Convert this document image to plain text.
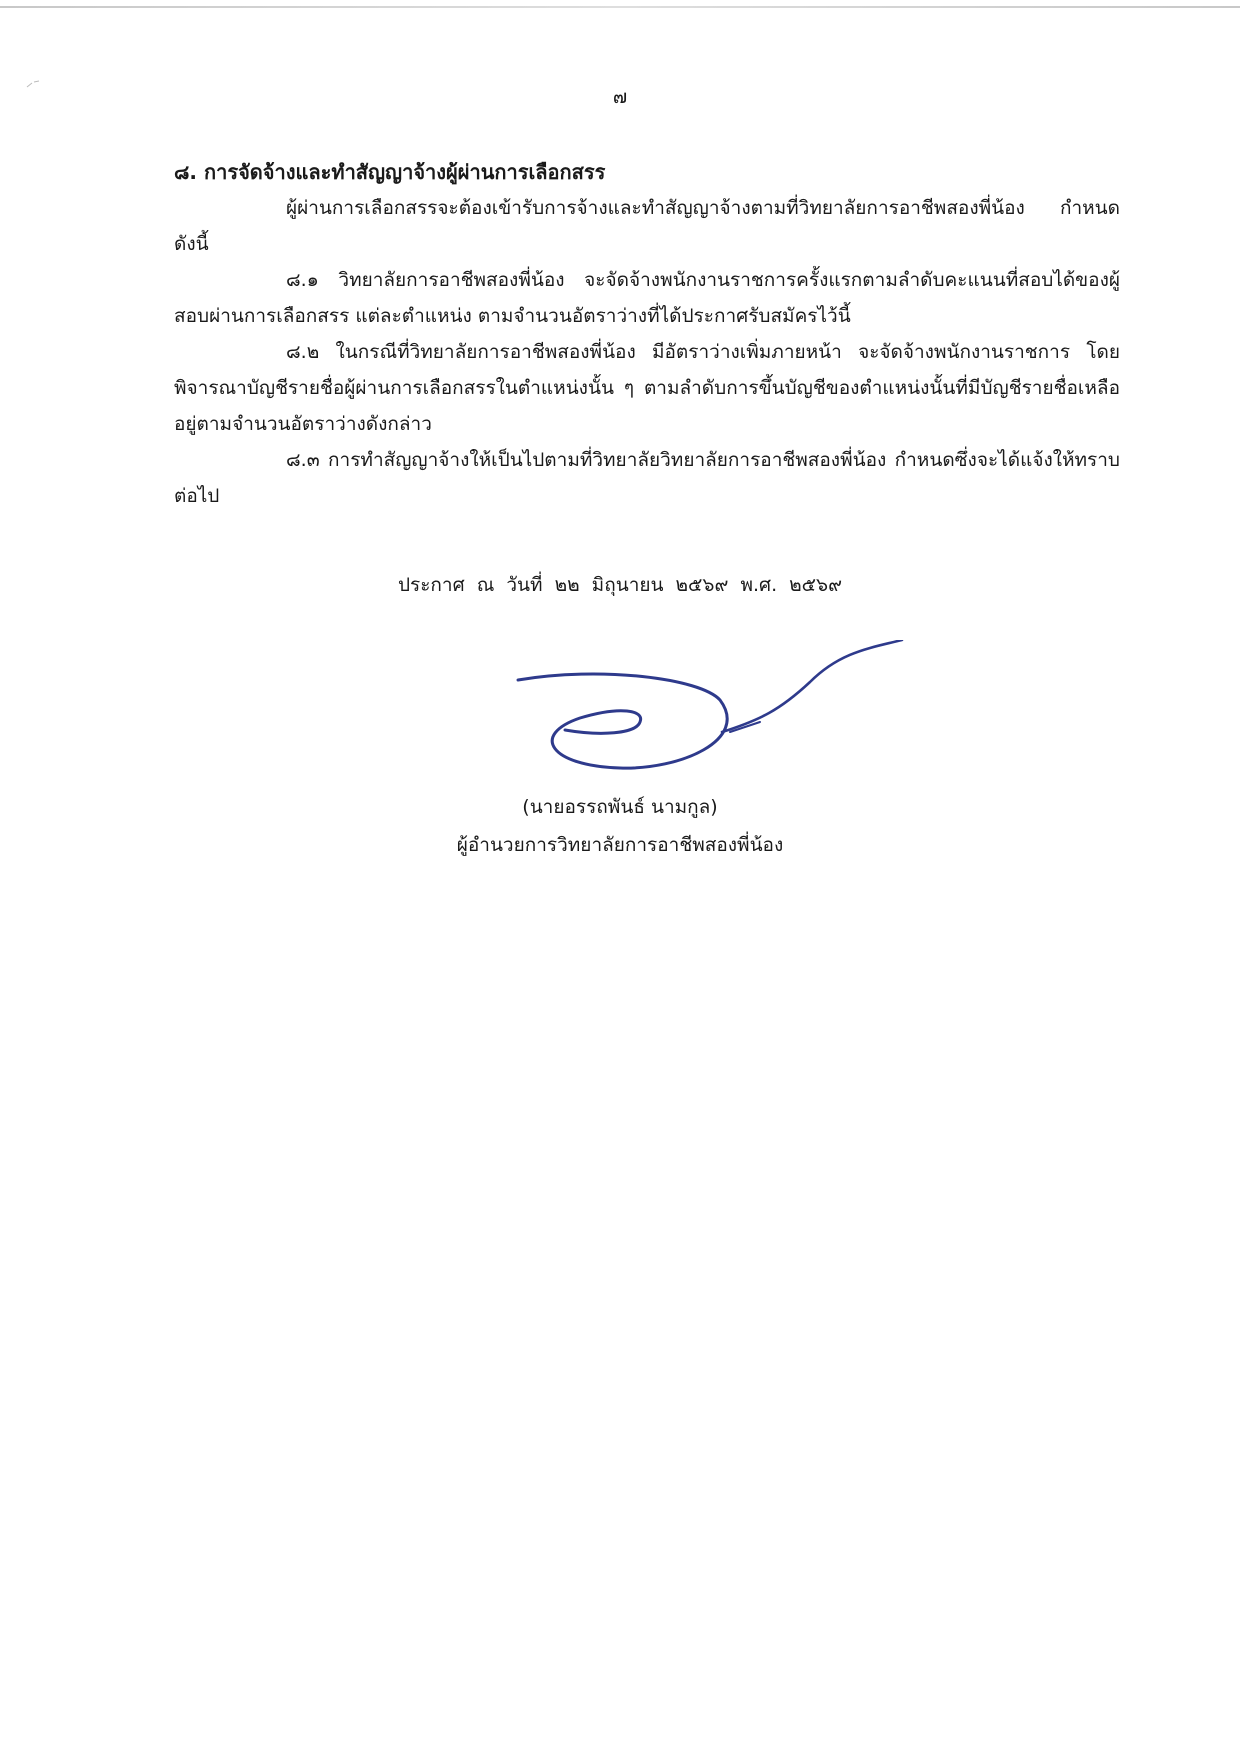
๗

๘. การจัดจ้างและทำสัญญาจ้างผู้ผ่านการเลือกสรร

ผู้ผ่านการเลือกสรรจะต้องเข้ารับการจ้างและทำสัญญาจ้างตามที่วิทยาลัยการอาชีพสองพี่น้อง กำหนด ดังนี้

๘.๑ วิทยาลัยการอาชีพสองพี่น้อง จะจัดจ้างพนักงานราชการครั้งแรกตามลำดับคะแนนที่สอบได้ของผู้สอบผ่านการเลือกสรร แต่ละตำแหน่ง ตามจำนวนอัตราว่างที่ได้ประกาศรับสมัครไว้นี้

๘.๒ ในกรณีที่วิทยาลัยการอาชีพสองพี่น้อง มีอัตราว่างเพิ่มภายหน้า จะจัดจ้างพนักงานราชการ โดยพิจารณาบัญชีรายชื่อผู้ผ่านการเลือกสรรในตำแหน่งนั้น ๆ ตามลำดับการขึ้นบัญชีของตำแหน่งนั้นที่มีบัญชีรายชื่อเหลืออยู่ตามจำนวนอัตราว่างดังกล่าว

๘.๓ การทำสัญญาจ้างให้เป็นไปตามที่วิทยาลัยวิทยาลัยการอาชีพสองพี่น้อง กำหนดซึ่งจะได้แจ้งให้ทราบต่อไป

ประกาศ ณ วันที่ ๒๒ มิถุนายน ๒๕๖๙ พ.ศ. ๒๕๖๙
(นายอรรถพันธ์ นามกูล)
ผู้อำนวยการวิทยาลัยการอาชีพสองพี่น้อง
